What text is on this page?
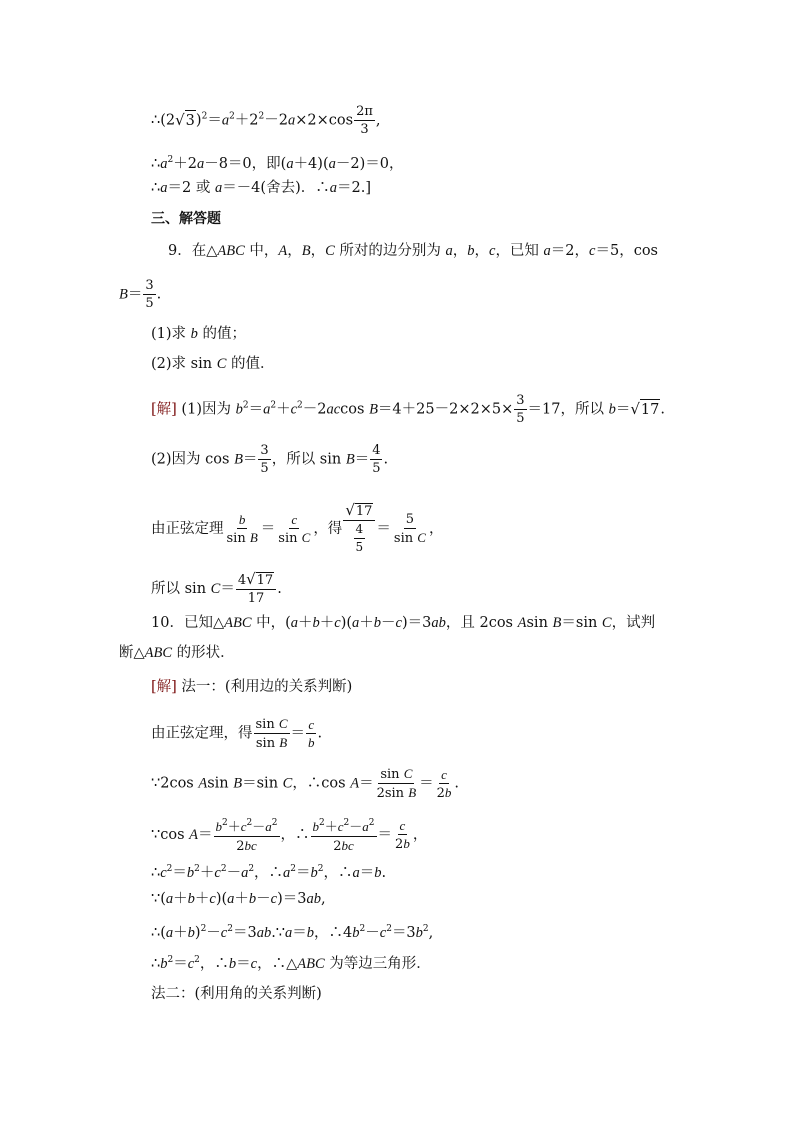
∴(2 √ 3 )$^2=a^2+2^2-2a\times 2\times\cos \frac{2\pi}{3}$ ,
$\therefore a^2+2a-8=0$，即(a＋4)(a－2)＝0，
∴a＝2 或 a＝－4(舍去)．∴a＝2.]
三、解答题
9．在△ABC 中，A，B，C 所对的边分别为 a，b，c，已知 a＝2，c＝5，cos
$B= \frac{3}{5}$ .
(1)求 b 的值；
(2)求 sin C 的值．
[解] (1)因为 $b^2=a^2+c^2-2accos$ $B=4+25-2\times 2\times 5\times \frac{3}{5} =17$，所以 b＝ √ 17 .
(2)因为 $\cos B= \frac{3}{5}$ ，所以 $\sin B= \frac{4}{5}$ .
由正弦定理 $\frac{b}{\text{sin B}} = \frac{c}{\text{sin C}}$ ，得 $\frac{√ 17}{\frac{4}{5}} = \frac{5}{\text{sin C}}$ ，
所以 $\sin C= \frac{4 √ 17}{17}$ .
10．已知△ABC 中，(a＋b＋c)(a＋b－c)＝3ab，且 2cos Asin B＝sin C，试判
断△ABC 的形状．
[解] 法一：(利用边的关系判断)
由正弦定理，得 $\frac{\text{sin C}}{\text{sin B}} = \frac{c}{b}$ .
∵2cos Asin B＝sin C，∴cos $A= \frac{\text{sin C}}{\text{2sin B}} = \frac{c}{2b}$ .
∵cos $A= \frac{b^2+c^2-a^2}{2bc}$ ，∴ $\frac{b^2+c^2-a^2}{2bc} = \frac{c}{2b}$ ，
$\therefore c^2=b^2+c^2-a^2$，$\therefore a^2=b^2$，∴a＝b.
∵(a＋b＋c)(a＋b－c)＝3ab,
$\therefore(a+b)^2-c^2=3ab.\because a=b$，$\therefore 4b^2-c^2=3b^2$,
$\therefore b^2=c^2$，∴b＝c，∴△ABC 为等边三角形．
法二：(利用角的关系判断)
